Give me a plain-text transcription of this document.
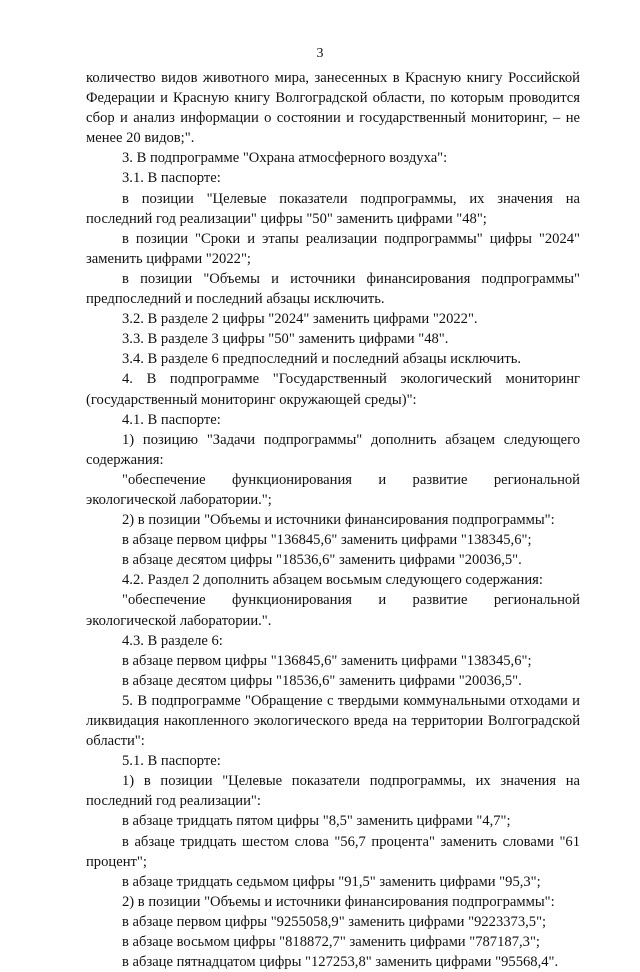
3

количество видов животного мира, занесенных в Красную книгу Российской Федерации и Красную книгу Волгоградской области, по которым проводится сбор и анализ информации о состоянии и государственный мониторинг, – не менее 20 видов;".

3. В подпрограмме "Охрана атмосферного воздуха":

3.1. В паспорте:

в позиции "Целевые показатели подпрограммы, их значения на последний год реализации" цифры "50" заменить цифрами "48";

в позиции "Сроки и этапы реализации подпрограммы" цифры "2024" заменить цифрами "2022";

в позиции "Объемы и источники финансирования подпрограммы" предпоследний и последний абзацы исключить.

3.2. В разделе 2 цифры "2024" заменить цифрами "2022".

3.3. В разделе 3 цифры "50" заменить цифрами "48".

3.4. В разделе 6 предпоследний и последний абзацы исключить.

4. В подпрограмме "Государственный экологический мониторинг (государственный мониторинг окружающей среды)":

4.1. В паспорте:

1) позицию "Задачи подпрограммы" дополнить абзацем следующего содержания:

"обеспечение функционирования и развитие региональной экологической лаборатории.";

2) в позиции "Объемы и источники финансирования подпрограммы":

в абзаце первом цифры "136845,6" заменить цифрами "138345,6";

в абзаце десятом цифры "18536,6" заменить цифрами "20036,5".

4.2. Раздел 2 дополнить абзацем восьмым следующего содержания:

"обеспечение функционирования и развитие региональной экологической лаборатории.".

4.3. В разделе 6:

в абзаце первом цифры "136845,6" заменить цифрами "138345,6";

в абзаце десятом цифры "18536,6" заменить цифрами "20036,5".

5. В подпрограмме "Обращение с твердыми коммунальными отходами и ликвидация накопленного экологического вреда на территории Волгоградской области":

5.1. В паспорте:

1) в позиции "Целевые показатели подпрограммы, их значения на последний год реализации":

в абзаце тридцать пятом цифры "8,5" заменить цифрами "4,7";

в абзаце тридцать шестом слова "56,7 процента" заменить словами "61 процент";

в абзаце тридцать седьмом цифры "91,5" заменить цифрами "95,3";

2) в позиции "Объемы и источники финансирования подпрограммы":

в абзаце первом цифры "9255058,9" заменить цифрами "9223373,5";

в абзаце восьмом цифры "818872,7" заменить цифрами "787187,3";

в абзаце пятнадцатом цифры "127253,8" заменить цифрами "95568,4".
